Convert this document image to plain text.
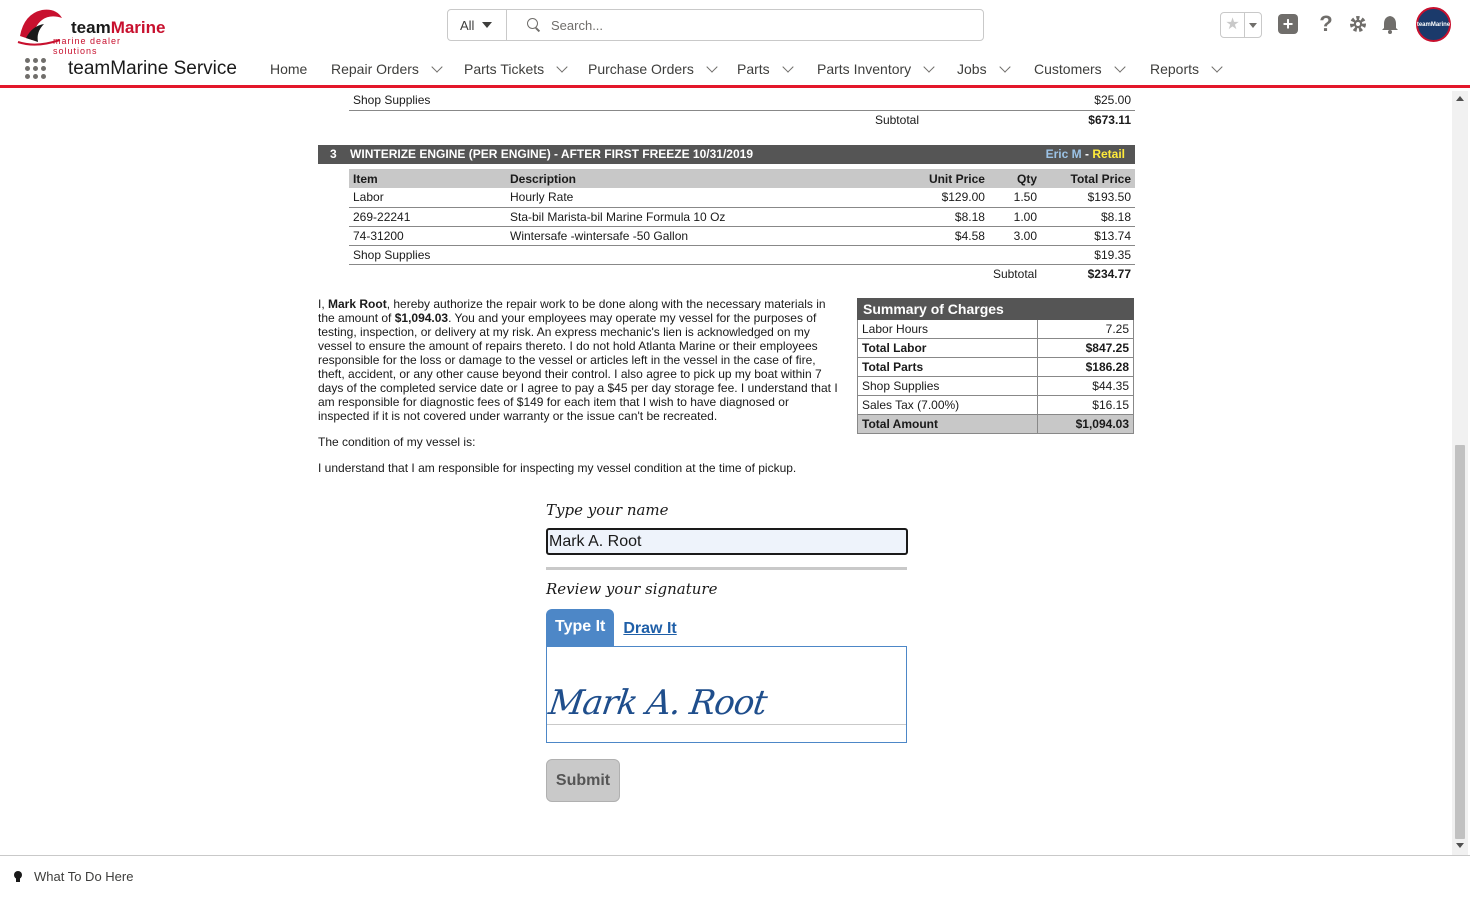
teamMarine
marine dealer solutions
All
Search...	★ + ?	teamMarine
teamMarine Service Home Repair Orders	Parts Tickets	Purchase Orders	Parts	Parts Inventory	Jobs	Customers	Reports
Shop Supplies	$25.00
Subtotal	$673.11
3 WINTERIZE ENGINE (PER ENGINE) - AFTER FIRST FREEZE 10/31/2019	Eric M - Retail
Item	Description	Unit Price	Qty	Total Price
Labor	Hourly Rate	$129.00	1.50	$193.50
269-22241	Sta-bil Marista-bil Marine Formula 10 Oz	$8.18	1.00	$8.18
74-31200	Wintersafe -wintersafe -50 Gallon	$4.58	3.00	$13.74
Shop Supplies				$19.35
			Subtotal	$234.77

I, Mark Root, hereby authorize the repair work to be done along with the necessary materials in the amount of $1,094.03. You and your employees may operate my vessel for the purposes of testing, inspection, or delivery at my risk. An express mechanic's lien is acknowledged on my vessel to ensure the amount of repairs thereto. I do not hold Atlanta Marine or their employees responsible for the loss or damage to the vessel or articles left in the vessel in the case of fire, theft, accident, or any other cause beyond their control. I also agree to pick up my boat within 7 days of the completed service date or I agree to pay a $45 per day storage fee. I understand that I am responsible for diagnostic fees of $149 for each item that I wish to have diagnosed or inspected if it is not covered under warranty or the issue can't be recreated.

The condition of my vessel is:

I understand that I am responsible for inspecting my vessel condition at the time of pickup.

Summary of Charges	
Labor Hours	7.25
Total Labor	$847.25
Total Parts	$186.28
Shop Supplies	$44.35
Sales Tax (7.00%)	$16.15
Total Amount	$1,094.03
Type your name
Mark A. Root
Review your signature
Type It	Draw It
Mark A. Root
Submit
What To Do Here
